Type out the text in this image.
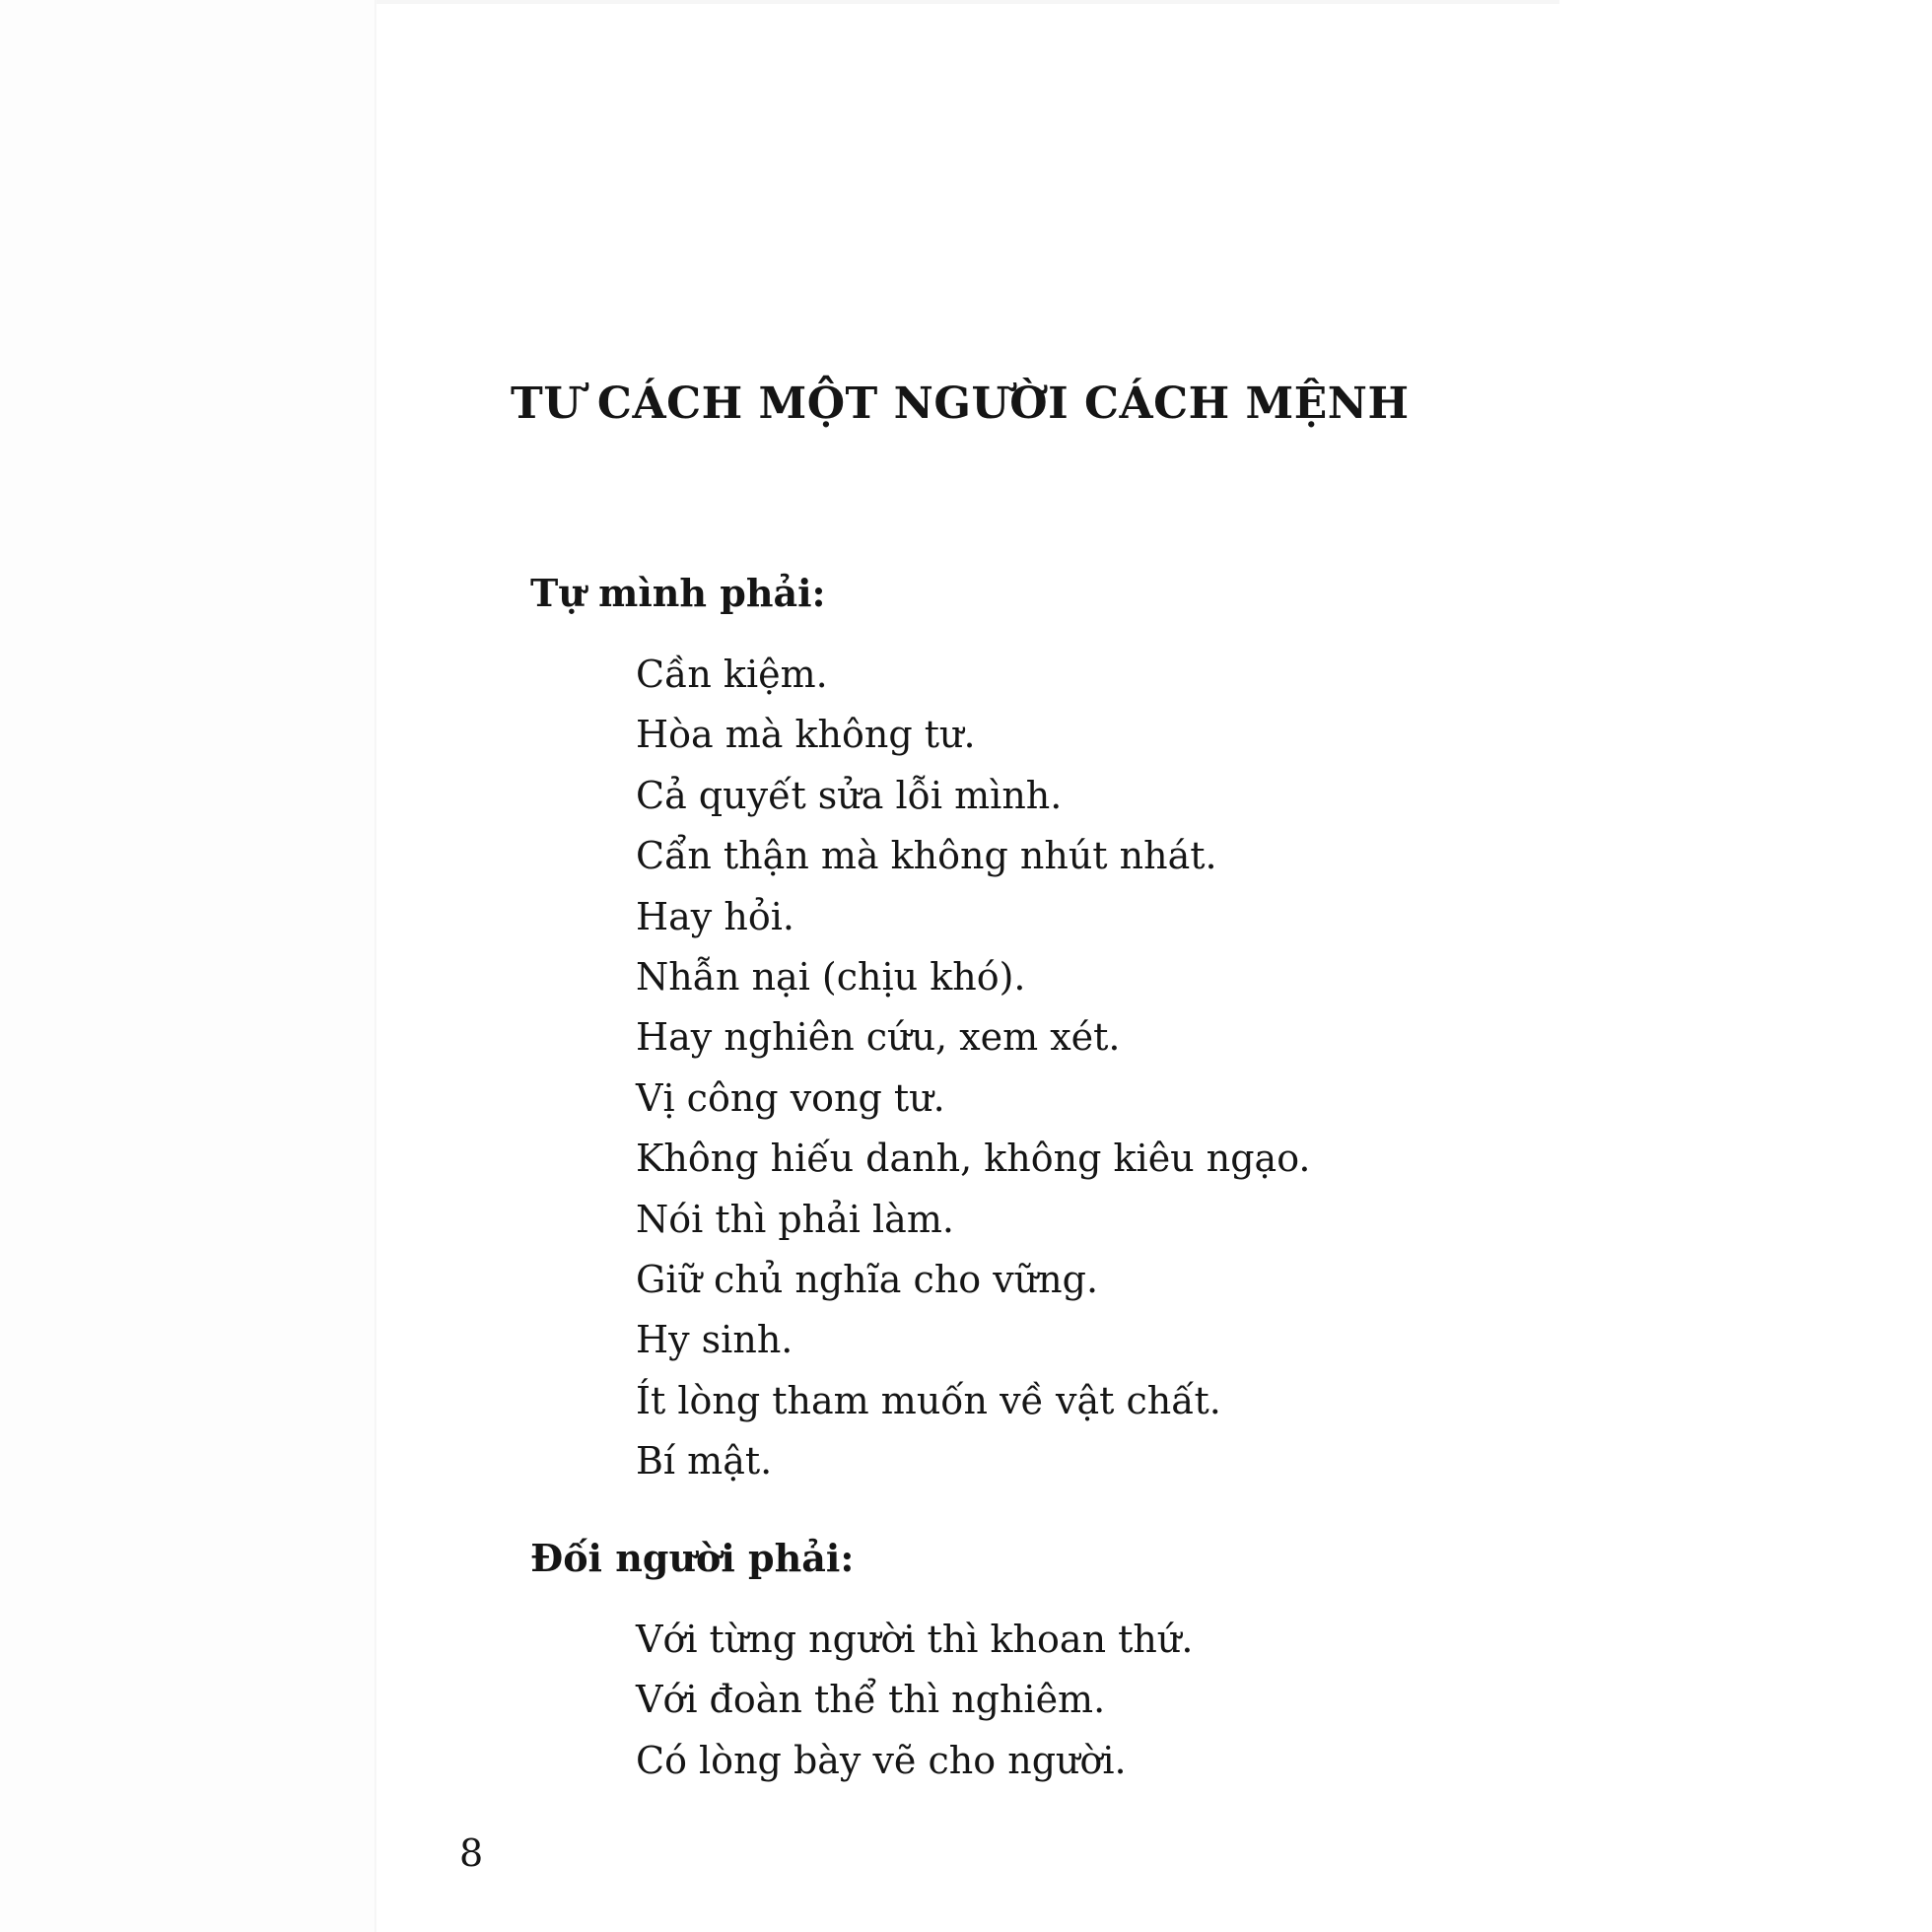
TƯ CÁCH MỘT NGƯỜI CÁCH MỆNH
Tự mình phải:
Cần kiệm.
Hòa mà không tư.
Cả quyết sửa lỗi mình.
Cẩn thận mà không nhút nhát.
Hay hỏi.
Nhẫn nại (chịu khó).
Hay nghiên cứu, xem xét.
Vị công vong tư.
Không hiếu danh, không kiêu ngạo.
Nói thì phải làm.
Giữ chủ nghĩa cho vững.
Hy sinh.
Ít lòng tham muốn về vật chất.
Bí mật.
Đối người phải:
Với từng người thì khoan thứ.
Với đoàn thể thì nghiêm.
Có lòng bày vẽ cho người.
8
